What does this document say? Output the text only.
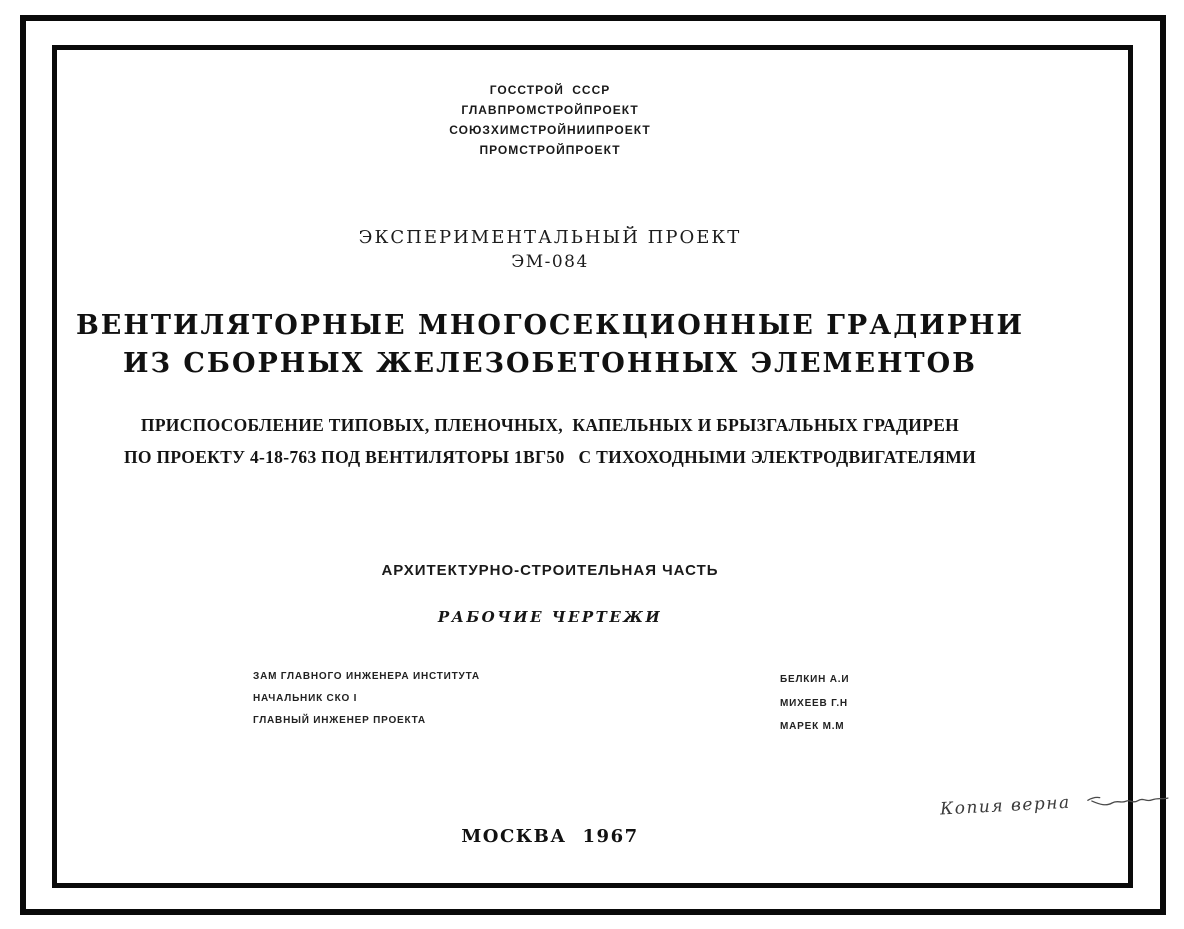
ГОССТРОЙ СССР
ГЛАВПРОМСТРОЙПРОЕКТ
СОЮЗХИМСТРОЙНИИПРОЕКТ
ПРОМСТРОЙПРОЕКТ
ЭКСПЕРИМЕНТАЛЬНЫЙ ПРОЕКТ
ЭМ-084
ВЕНТИЛЯТОРНЫЕ МНОГОСЕКЦИОННЫЕ ГРАДИРНИ
ИЗ СБОРНЫХ ЖЕЛЕЗОБЕТОННЫХ ЭЛЕМЕНТОВ
ПРИСПОСОБЛЕНИЕ ТИПОВЫХ, ПЛЕНОЧНЫХ,  КАПЕЛЬНЫХ И БРЫЗГАЛЬНЫХ ГРАДИРЕН
ПО ПРОЕКТУ 4-18-763 ПОД ВЕНТИЛЯТОРЫ 1ВГ50   С ТИХОХОДНЫМИ ЭЛЕКТРОДВИГАТЕЛЯМИ
АРХИТЕКТУРНО-СТРОИТЕЛЬНАЯ ЧАСТЬ
РАБОЧИЕ ЧЕРТЕЖИ
ЗАМ ГЛАВНОГО ИНЖЕНЕРА ИНСТИТУТА
НАЧАЛЬНИК СКО I
ГЛАВНЫЙ ИНЖЕНЕР ПРОЕКТА
БЕЛКИН А.И
МИХЕЕВ Г.Н
МАРЕК М.М
Копия верна
МОСКВА 1967
